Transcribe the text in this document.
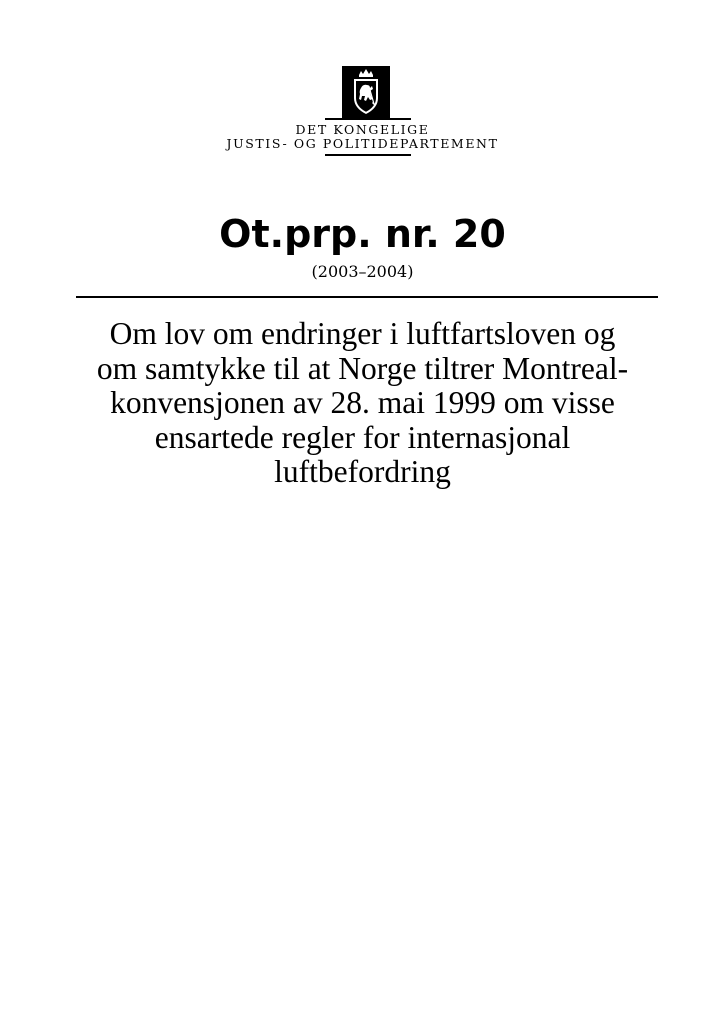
DET KONGELIGE
JUSTIS- OG POLITIDEPARTEMENT
Ot.prp. nr. 20
(2003–2004)
Om lov om endringer i luftfartsloven og
om samtykke til at Norge tiltrer Montreal-
konvensjonen av 28. mai 1999 om visse
ensartede regler for internasjonal
luftbefordring
